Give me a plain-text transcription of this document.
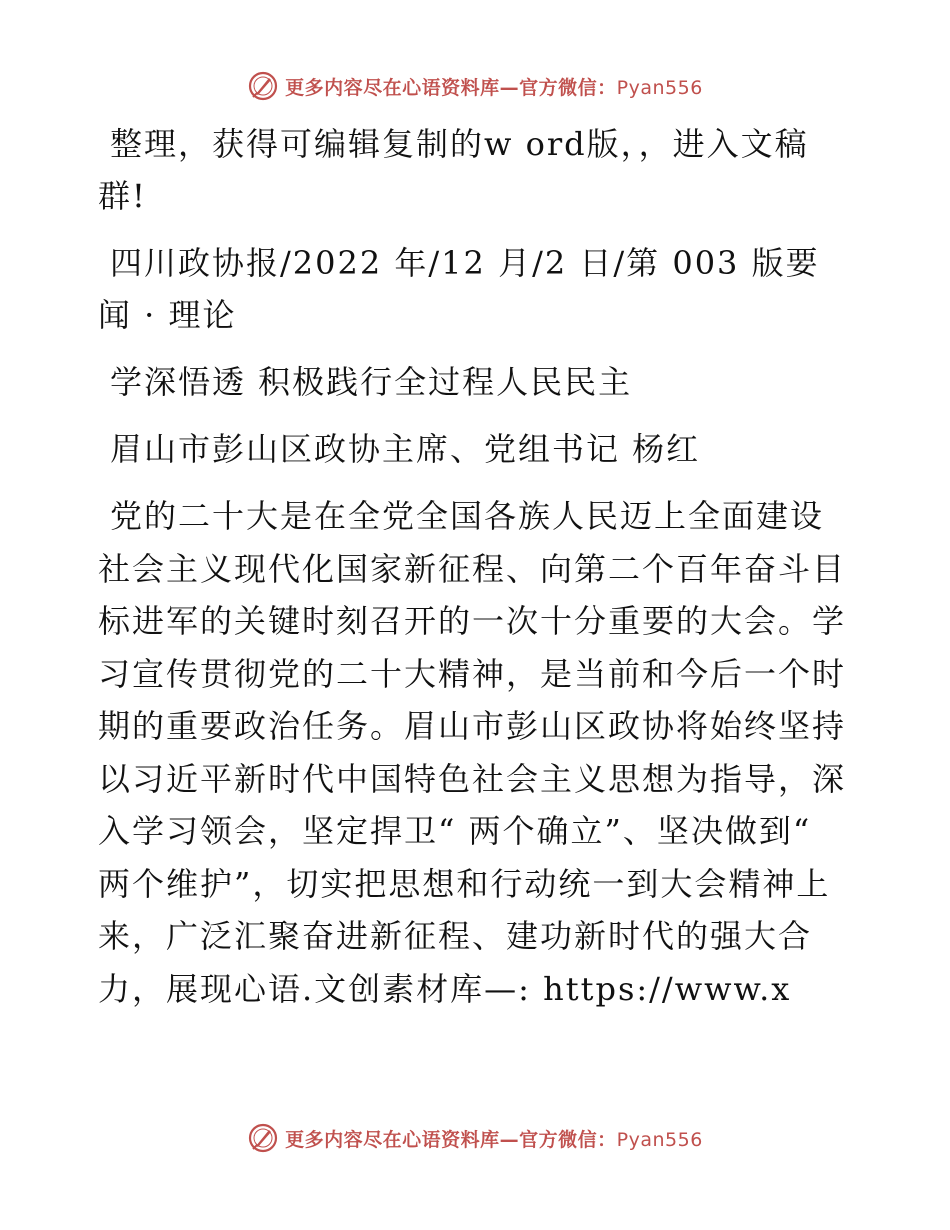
更多内容尽在心语资料库—官方微信：Pyan556

整理，获得可编辑复制的w ord版，，进入文稿群!

四川政协报/2022 年/12 月/2 日/第 003 版要闻 · 理论

学深悟透 积极践行全过程人民民主

眉山市彭山区政协主席、党组书记 杨红

党的二十大是在全党全国各族人民迈上全面建设社会主义现代化国家新征程、向第二个百年奋斗目标进军的关键时刻召开的一次十分重要的大会。学习宣传贯彻党的二十大精神，是当前和今后一个时期的重要政治任务。眉山市彭山区政协将始终坚持以习近平新时代中国特色社会主义思想为指导，深入学习领会，坚定捍卫“ 两个确立”、坚决做到“ 两个维护”，切实把思想和行动统一到大会精神上来，广泛汇聚奋进新征程、建功新时代的强大合力，展现心语.文创素材库—: https://www.x

更多内容尽在心语资料库—官方微信：Pyan556
